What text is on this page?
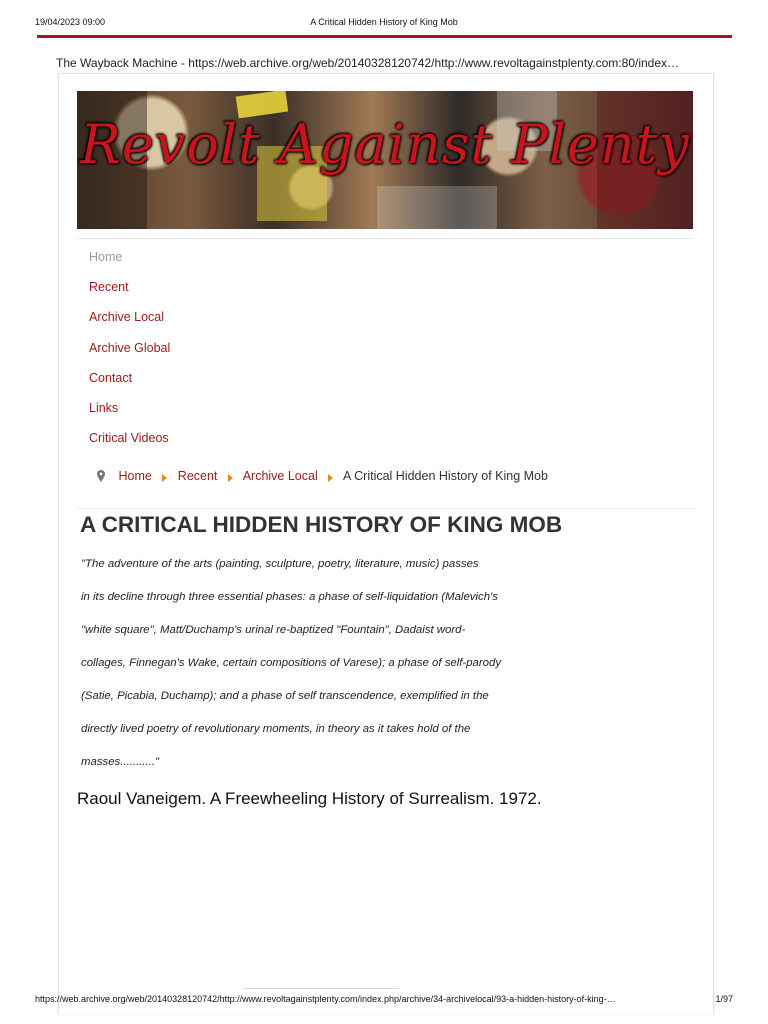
19/04/2023 09:00	A Critical Hidden History of King Mob
The Wayback Machine - https://web.archive.org/web/20140328120742/http://www.revoltagainstplenty.com:80/index…
Revolt Against Plenty
Home
Recent
Archive Local
Archive Global
Contact
Links
Critical Videos
Home Recent Archive Local A Critical Hidden History of King Mob
A CRITICAL HIDDEN HISTORY OF KING MOB
"The adventure of the arts (painting, sculpture, poetry, literature, music) passes
in its decline through three essential phases: a phase of self-liquidation (Malevich's
"white square", Matt/Duchamp's urinal re-baptized "Fountain", Dadaist word-
collages, Finnegan's Wake, certain compositions of Varese); a phase of self-parody
(Satie, Picabia, Duchamp); and a phase of self transcendence, exemplified in the
directly lived poetry of revolutionary moments, in theory as it takes hold of the
masses..........."
Raoul Vaneigem. A Freewheeling History of Surrealism. 1972.
https://web.archive.org/web/20140328120742/http://www.revoltagainstplenty.com/index.php/archive/34-archivelocal/93-a-hidden-history-of-king-…	1/97
